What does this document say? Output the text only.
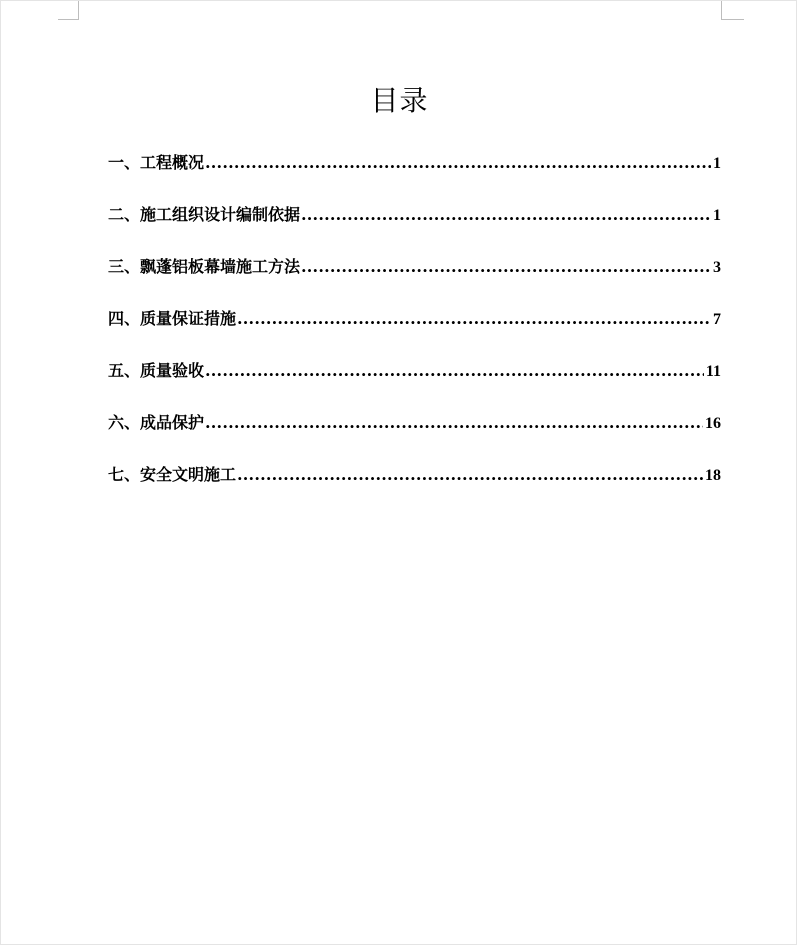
目录
一、工程概况 .....	1
二、施工组织设计编制依据 .....	1
三、飘蓬铝板幕墙施工方法 .....	3
四、质量保证措施 .....	7
五、质量验收 .....	11
六、成品保护 .....	16
七、安全文明施工 .....	18
